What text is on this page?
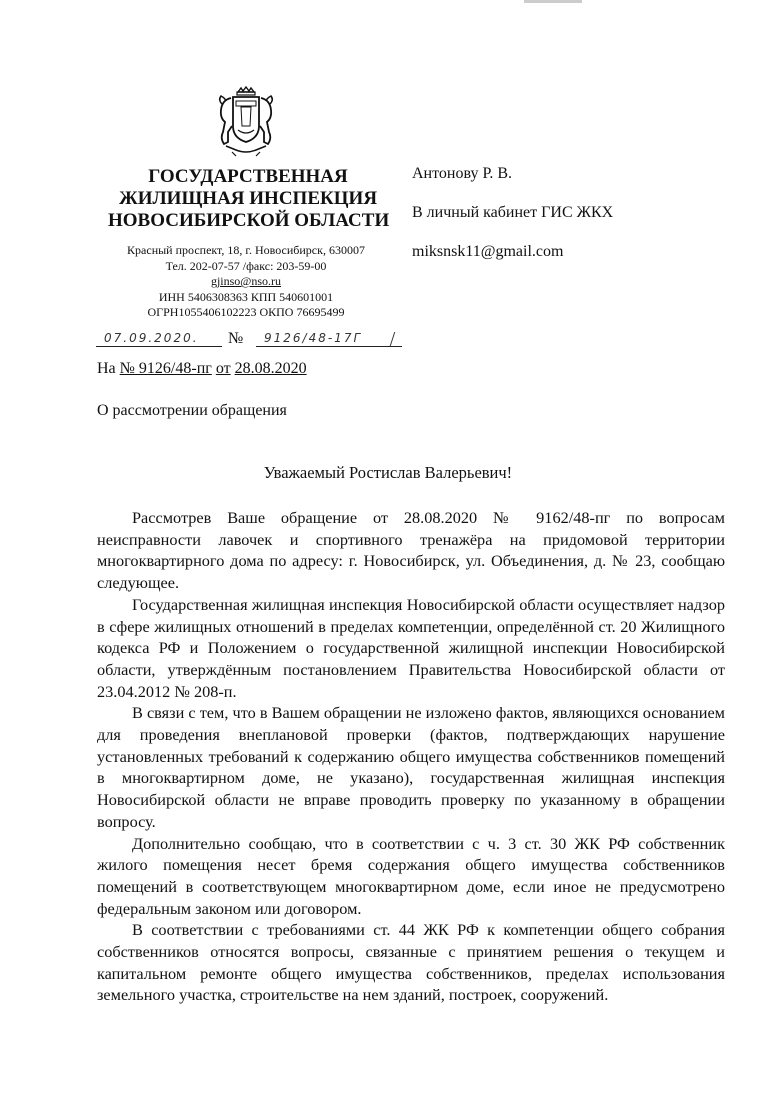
ГОСУДАРСТВЕННАЯ
ЖИЛИЩНАЯ ИНСПЕКЦИЯ
НОВОСИБИРСКОЙ ОБЛАСТИ
Красный проспект, 18, г. Новосибирск, 630007
Тел. 202-07-57 /факс: 203-59-00
gjinso@nso.ru
ИНН 5406308363 КПП 540601001
ОГРН1055406102223 ОКПО 76695499
07.09.2020.	№ 9126/48-17Г
На № 9126/48-пг от 28.08.2020
О рассмотрении обращения
Антонову Р. В.
В личный кабинет ГИС ЖКХ
miksnsk11@gmail.com
Уважаемый Ростислав Валерьевич!

Рассмотрев Ваше обращение от 28.08.2020 № 9162/48-пг по вопросам неисправности лавочек и спортивного тренажёра на придомовой территории многоквартирного дома по адресу: г. Новосибирск, ул. Объединения, д. № 23, сообщаю следующее.

Государственная жилищная инспекция Новосибирской области осуществляет надзор в сфере жилищных отношений в пределах компетенции, определённой ст. 20 Жилищного кодекса РФ и Положением о государственной жилищной инспекции Новосибирской области, утверждённым постановлением Правительства Новосибирской области от 23.04.2012 № 208-п.

В связи с тем, что в Вашем обращении не изложено фактов, являющихся основанием для проведения внеплановой проверки (фактов, подтверждающих нарушение установленных требований к содержанию общего имущества собственников помещений в многоквартирном доме, не указано), государственная жилищная инспекция Новосибирской области не вправе проводить проверку по указанному в обращении вопросу.

Дополнительно сообщаю, что в соответствии с ч. 3 ст. 30 ЖК РФ собственник жилого помещения несет бремя содержания общего имущества собственников помещений в соответствующем многоквартирном доме, если иное не предусмотрено федеральным законом или договором.

В соответствии с требованиями ст. 44 ЖК РФ к компетенции общего собрания собственников относятся вопросы, связанные с принятием решения о текущем и капитальном ремонте общего имущества собственников, пределах использования земельного участка, строительстве на нем зданий, построек, сооружений.
